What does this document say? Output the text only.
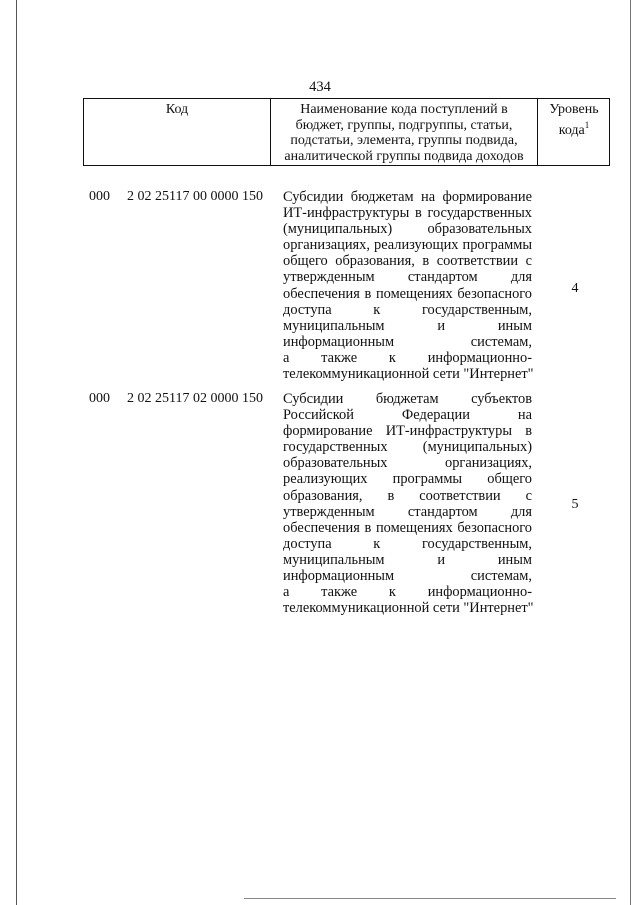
434
Код	Наименование кода поступлений в
бюджет, группы, подгруппы, статьи,
подстатьи, элемента, группы подвида,
аналитической группы подвида доходов
Уровень
кода$^1$
000 2 02 25117 00 0000 150 Субсидии бюджетам на формирование
ИТ-инфраструктуры в государственных
(муниципальных) образовательных
организациях, реализующих программы
общего образования, в соответствии с
утвержденным стандартом для
обеспечения в помещениях безопасного
доступа к государственным,
муниципальным и иным
информационным системам,
а также к информационно-
телекоммуникационной сети "Интернет"
4
000 2 02 25117 02 0000 150 Субсидии бюджетам субъектов
Российской Федерации на
формирование ИТ-инфраструктуры в
государственных (муниципальных)
образовательных организациях,
реализующих программы общего
образования, в соответствии с
утвержденным стандартом для
обеспечения в помещениях безопасного
доступа к государственным,
муниципальным и иным
информационным системам,
а также к информационно-
телекоммуникационной сети "Интернет"
5
